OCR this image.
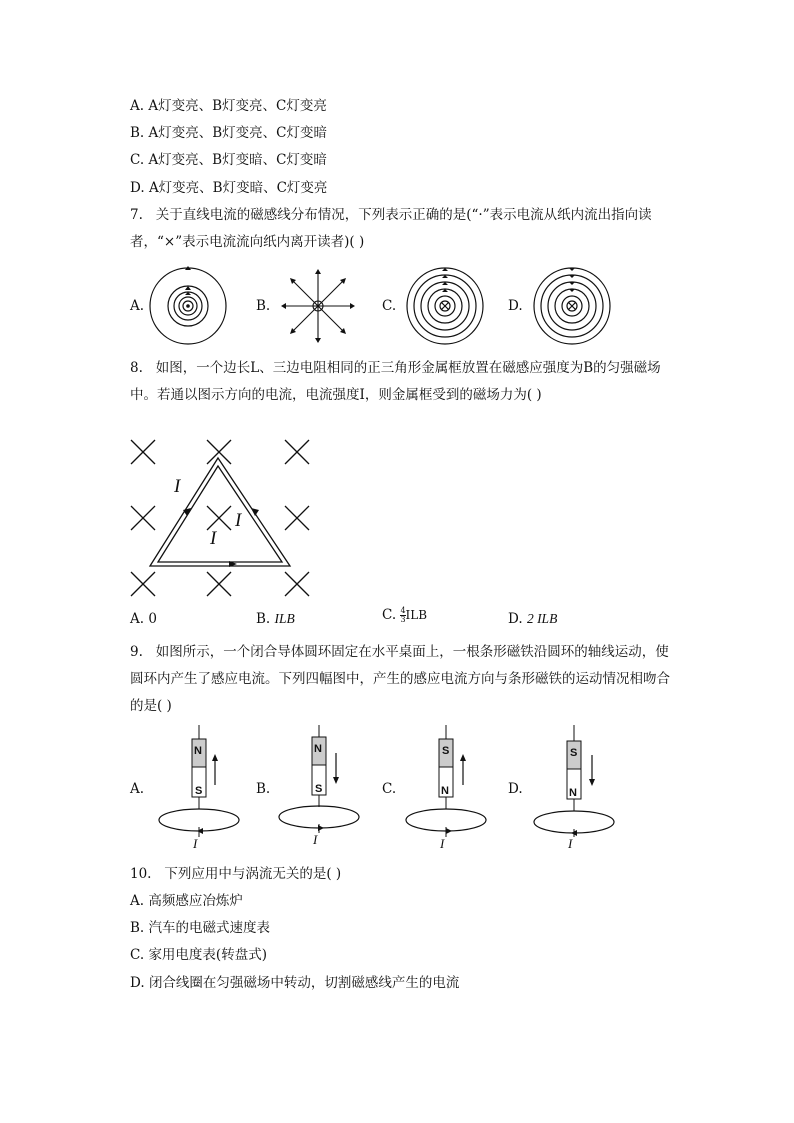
A. A灯变亮、B灯变亮、C灯变亮
B. A灯变亮、B灯变亮、C灯变暗
C. A灯变亮、B灯变暗、C灯变暗
D. A灯变亮、B灯变暗、C灯变亮
7. 关于直线电流的磁感线分布情况，下列表示正确的是(“·”表示电流从纸内流出指向读
者，“×”表示电流流向纸内离开读者)( )
A.	B.	C.	D.
8. 如图，一个边长L、三边电阻相同的正三角形金属框放置在磁感应强度为B的匀强磁场
中。若通以图示方向的电流，电流强度I，则金属框受到的磁场力为( )
I
I
I
A. 0	B. ILB	C. $\frac{4}{3}$ ILB	D. 2 ILB
9. 如图所示，一个闭合导体圆环固定在水平桌面上，一根条形磁铁沿圆环的轴线运动，使
圆环内产生了感应电流。下列四幅图中，产生的感应电流方向与条形磁铁的运动情况相吻合
的是( )
A.	B.	C.	D.
N
S
I
N
S
I
S
N
I
S
N
I
10. 下列应用中与涡流无关的是( )
A. 高频感应冶炼炉
B. 汽车的电磁式速度表
C. 家用电度表(转盘式)
D. 闭合线圈在匀强磁场中转动，切割磁感线产生的电流
